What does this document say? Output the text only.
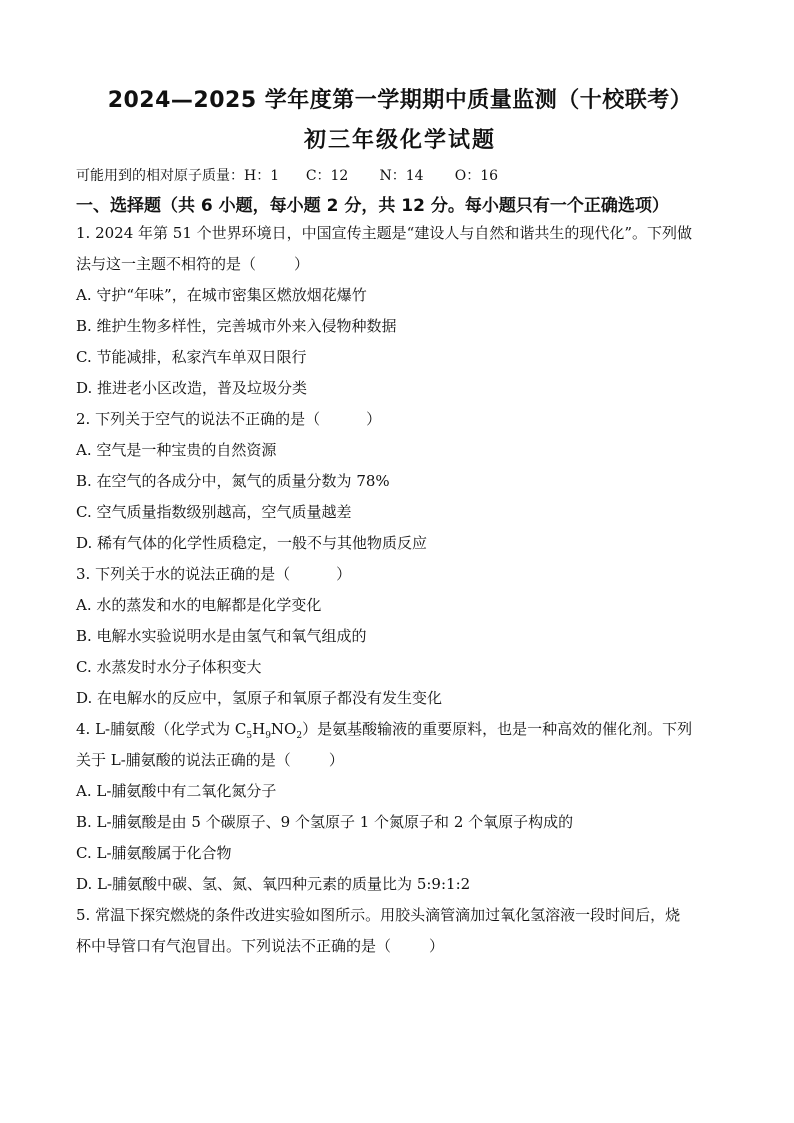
2024—2025 学年度第一学期期中质量监测（十校联考）
初三年级化学试题
可能用到的相对原子质量：H：1      C：12       N：14       O：16
一、选择题（共 6 小题，每小题 2 分，共 12 分。每小题只有一个正确选项）

1. 2024 年第 51 个世界环境日，中国宣传主题是“建设人与自然和谐共生的现代化”。下列做

法与这一主题不相符的是（	）

A. 守护“年味”，在城市密集区燃放烟花爆竹

B. 维护生物多样性，完善城市外来入侵物种数据

C. 节能减排，私家汽车单双日限行

D. 推进老小区改造，普及垃圾分类

2. 下列关于空气的说法不正确的是（	）

A. 空气是一种宝贵的自然资源

B. 在空气的各成分中，氮气的质量分数为 78%

C. 空气质量指数级别越高，空气质量越差

D. 稀有气体的化学性质稳定，一般不与其他物质反应

3. 下列关于水的说法正确的是（	）

A. 水的蒸发和水的电解都是化学变化

B. 电解水实验说明水是由氢气和氧气组成的

C. 水蒸发时水分子体积变大

D. 在电解水的反应中，氢原子和氧原子都没有发生变化

4. L-脯氨酸（化学式为 $C_5H_9NO_2$）是氨基酸输液的重要原料，也是一种高效的催化剂。下列

关于 L-脯氨酸的说法正确的是（	）

A. L-脯氨酸中有二氧化氮分子

B. L-脯氨酸是由 5 个碳原子、9 个氢原子 1 个氮原子和 2 个氧原子构成的

C. L-脯氨酸属于化合物

D. L-脯氨酸中碳、氢、氮、氧四种元素的质量比为 5:9:1:2

5. 常温下探究燃烧的条件改进实验如图所示。用胶头滴管滴加过氧化氢溶液一段时间后，烧

杯中导管口有气泡冒出。下列说法不正确的是（	）
